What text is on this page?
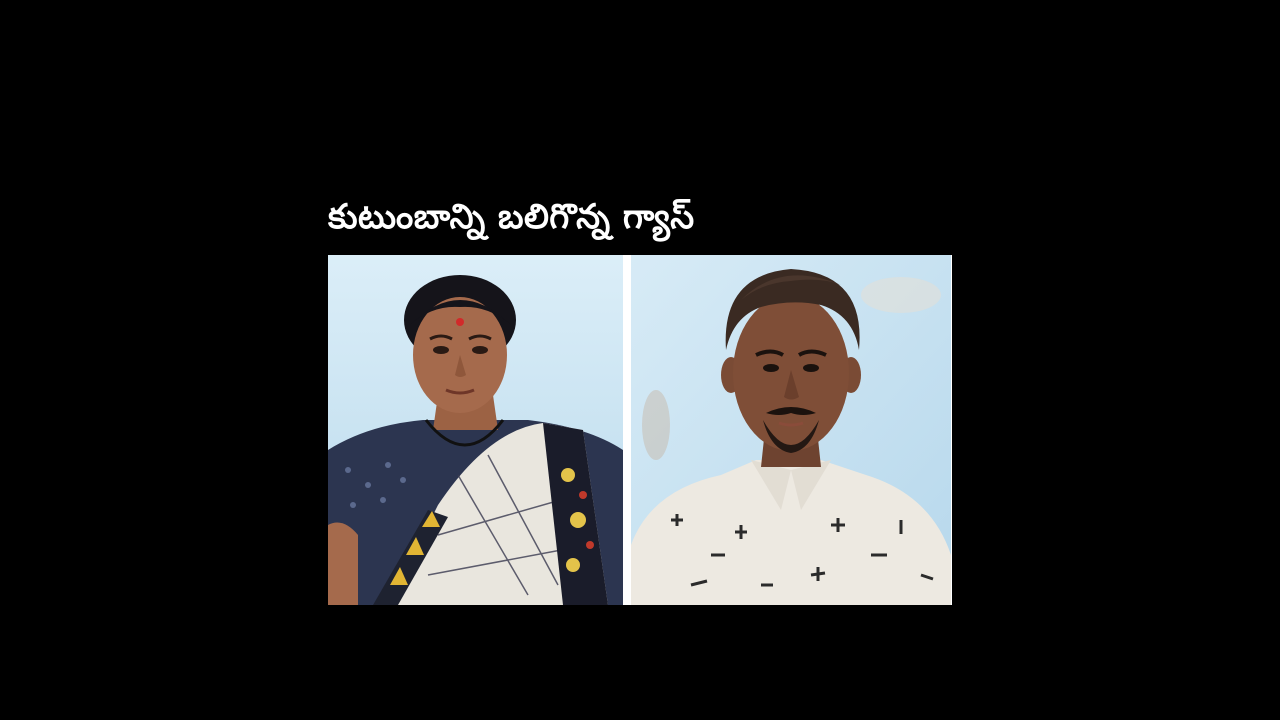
కుటుంబాన్ని బలిగొన్న గ్యాస్
